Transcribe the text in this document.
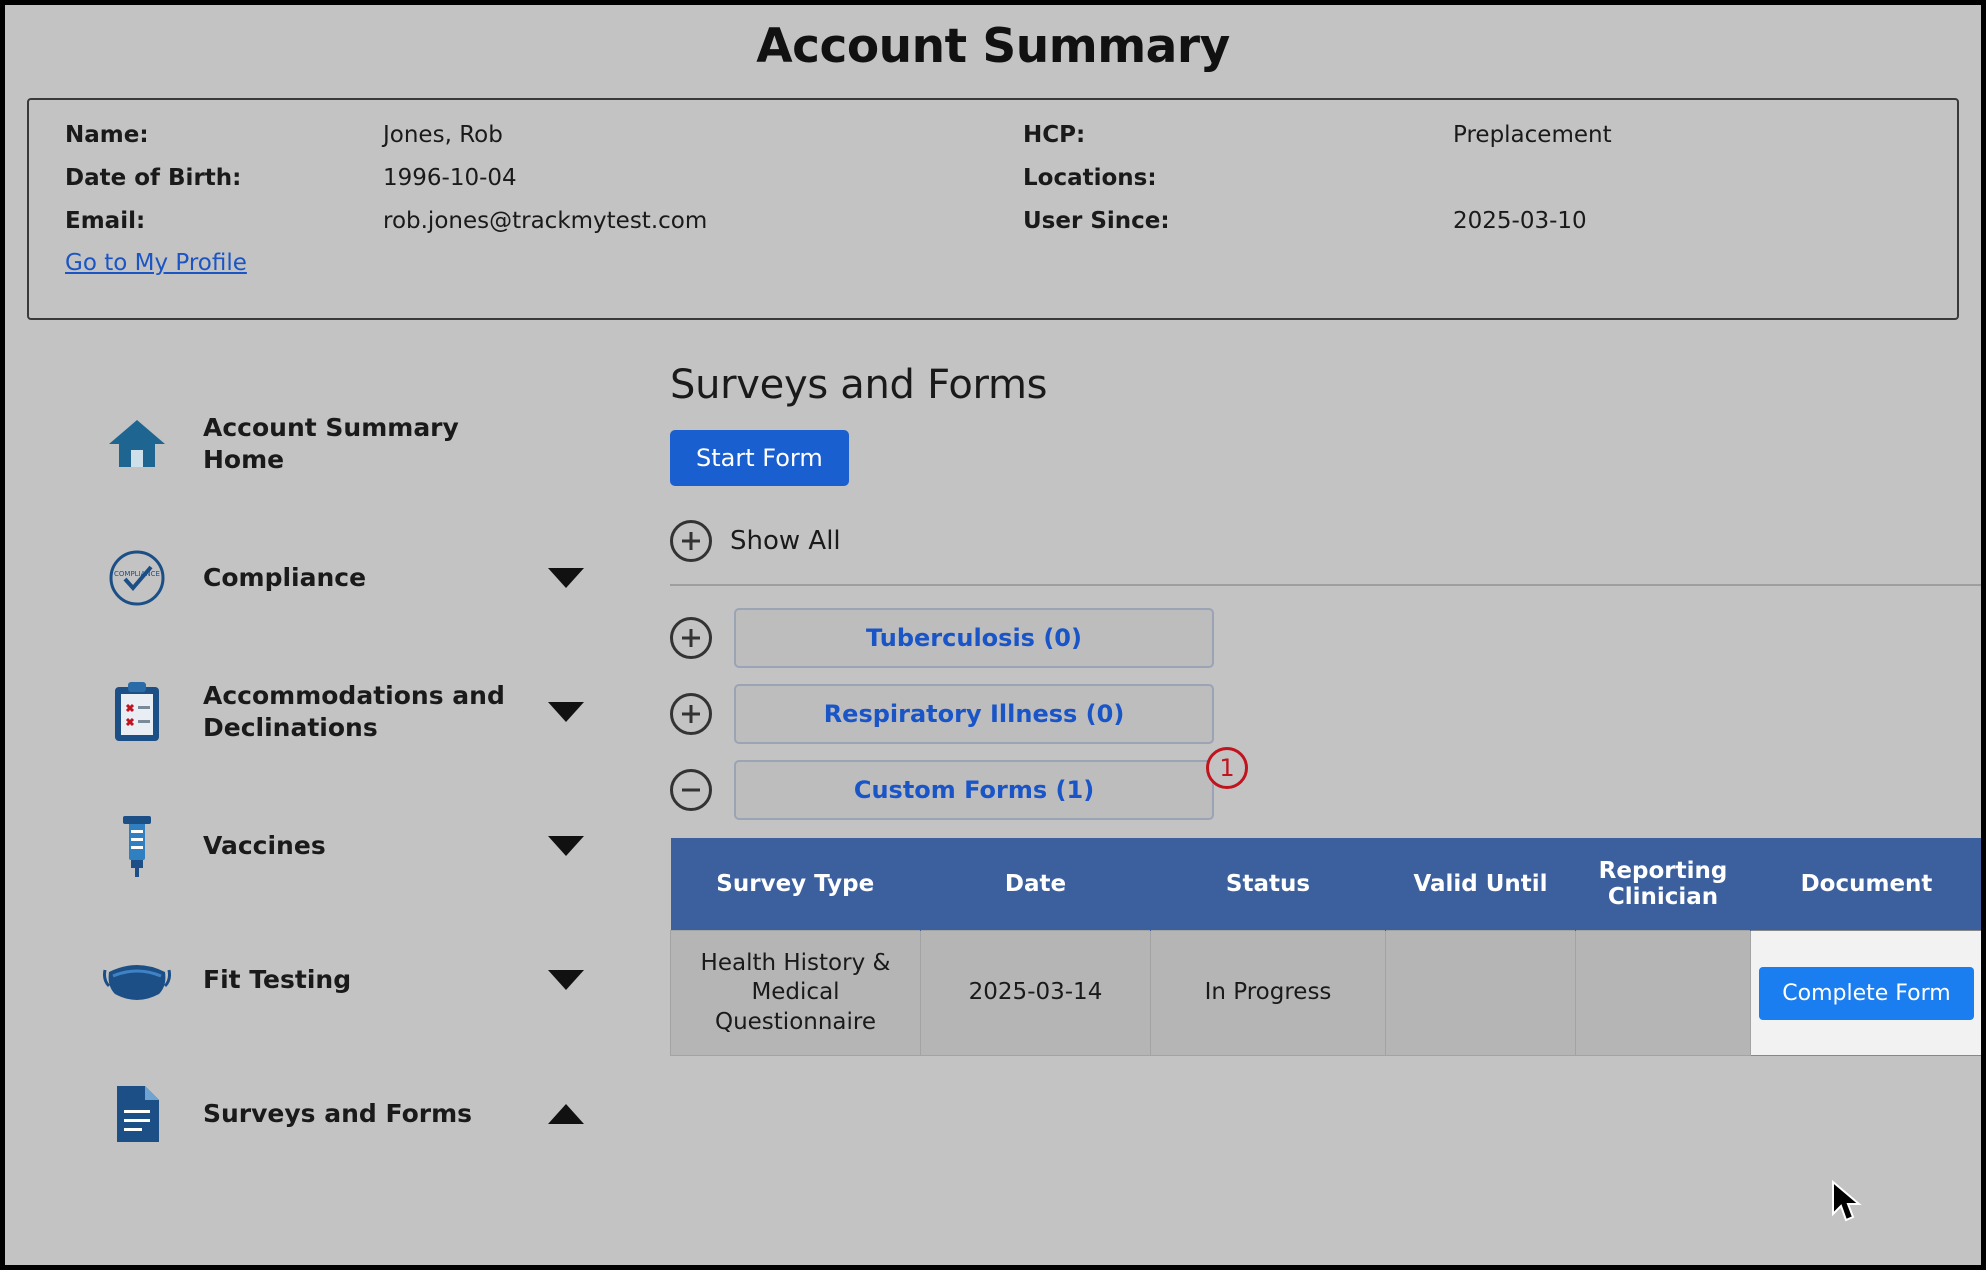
Account Summary
Name:	Jones, Rob	HCP:	Preplacement
Date of Birth:	1996-10-04	Locations:
Email:	rob.jones@trackmytest.com	User Since:	2025-03-10
Go to My Profile
Account Summary Home
COMPLIANCE Compliance
Accommodations and Declinations
Vaccines
Fit Testing
Surveys and Forms
Surveys and Forms
Start Form
Show All
Tuberculosis (0)
Respiratory Illness (0)
Custom Forms (1)
1
Survey Type	Date	Status	Valid Until	Reporting Clinician	Document
Health History & Medical Questionnaire	2025-03-14	In Progress			Complete Form
